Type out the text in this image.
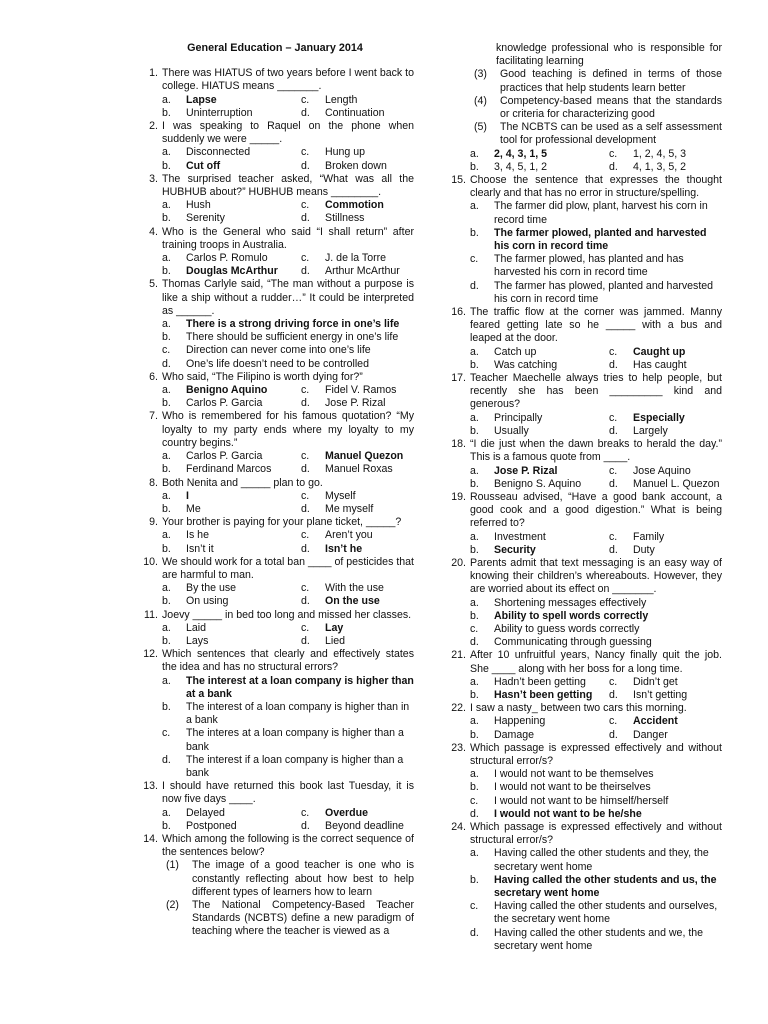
General Education – January 2014
1. There was HIATUS of two years before I went back to college. HIATUS means _______.
a.	Lapse	c.	Length
b.	Uninterruption	d.	Continuation
2. I was speaking to Raquel on the phone when suddenly we were _____.
a.	Disconnected	c.	Hung up
b.	Cut off	d.	Broken down
3. The surprised teacher asked, “What was all the HUBHUB about?” HUBHUB means ________.
a.	Hush	c.	Commotion
b.	Serenity	d.	Stillness
4. Who is the General who said “I shall return” after training troops in Australia.
a.	Carlos P. Romulo	c.	J. de la Torre
b.	Douglas McArthur	d.	Arthur McArthur
5. Thomas Carlyle said, “The man without a purpose is like a ship without a rudder…” It could be interpreted as ______.
a.	There is a strong driving force in one’s life
b.	There should be sufficient energy in one’s life
c.	Direction can never come into one’s life
d.	One’s life doesn’t need to be controlled
6. Who said, “The Filipino is worth dying for?”
a.	Benigno Aquino	c.	Fidel V. Ramos
b.	Carlos P. Garcia	d.	Jose P. Rizal
7. Who is remembered for his famous quotation? “My loyalty to my party ends where my loyalty to my country begins.”
a.	Carlos P. Garcia	c.	Manuel Quezon
b.	Ferdinand Marcos	d.	Manuel Roxas
8. Both Nenita and _____ plan to go.
a.	I	c.	Myself
b.	Me	d.	Me myself
9. Your brother is paying for your plane ticket, _____?
a.	Is he	c.	Aren’t you
b.	Isn’t it	d.	Isn’t he
10. We should work for a total ban ____ of pesticides that are harmful to man.
a.	By the use	c.	With the use
b.	On using	d.	On the use
11. Joevy _____ in bed too long and missed her classes.
a.	Laid	c.	Lay
b.	Lays	d.	Lied
12. Which sentences that clearly and effectively states the idea and has no structural errors?
a.	The interest at a loan company is higher than at a bank
b.	The interest of a loan company is higher than in a bank
c.	The interes at a loan company is higher than a bank
d.	The interest if a loan company is higher than a bank
13. I should have returned this book last Tuesday, it is now five days ____.
a.	Delayed	c.	Overdue
b.	Postponed	d.	Beyond deadline
14. Which among the following is the correct sequence of the sentences below?
(1)	The image of a good teacher is one who is constantly reflecting about how best to help different types of learners how to learn
(2)	The National Competency-Based Teacher Standards (NCBTS) define a new paradigm of teaching where the teacher is viewed as a
knowledge professional who is responsible for facilitating learning
(3)	Good teaching is defined in terms of those practices that help students learn better
(4)	Competency-based means that the standards or criteria for characterizing good
(5)	The NCBTS can be used as a self assessment tool for professional development
a.	2, 4, 3, 1, 5	c.	1, 2, 4, 5, 3
b.	3, 4, 5, 1, 2	d.	4, 1, 3, 5, 2
15. Choose the sentence that expresses the thought clearly and that has no error in structure/spelling.
a.	The farmer did plow, plant, harvest his corn in record time
b.	The farmer plowed, planted and harvested his corn in record time
c.	The farmer plowed, has planted and has harvested his corn in record time
d.	The farmer has plowed, planted and harvested his corn in record time
16. The traffic flow at the corner was jammed. Manny feared getting late so he _____ with a bus and leaped at the door.
a.	Catch up	c.	Caught up
b.	Was catching	d.	Has caught
17. Teacher Maechelle always tries to help people, but recently she has been _________ kind and generous?
a.	Principally	c.	Especially
b.	Usually	d.	Largely
18. “I die just when the dawn breaks to herald the day.” This is a famous quote from ____.
a.	Jose P. Rizal	c.	Jose Aquino
b.	Benigno S. Aquino	d.	Manuel L. Quezon
19. Rousseau advised, “Have a good bank account, a good cook and a good digestion.” What is being referred to?
a.	Investment	c.	Family
b.	Security	d.	Duty
20. Parents admit that text messaging is an easy way of knowing their children’s whereabouts. However, they are worried about its effect on _______.
a.	Shortening messages effectively
b.	Ability to spell words correctly
c.	Ability to guess words correctly
d.	Communicating through guessing
21. After 10 unfruitful years, Nancy finally quit the job. She ____ along with her boss for a long time.
a.	Hadn’t been getting	c.	Didn’t get
b.	Hasn’t been getting	d.	Isn’t getting
22. I saw a nasty_ between two cars this morning.
a.	Happening	c.	Accident
b.	Damage	d.	Danger
23. Which passage is expressed effectively and without structural error/s?
a.	I would not want to be themselves
b.	I would not want to be theirselves
c.	I would not want to be himself/herself
d.	I would not want to be he/she
24. Which passage is expressed effectively and without structural error/s?
a.	Having called the other students and they, the secretary went home
b.	Having called the other students and us, the secretary went home
c.	Having called the other students and ourselves, the secretary went home
d.	Having called the other students and we, the secretary went home
